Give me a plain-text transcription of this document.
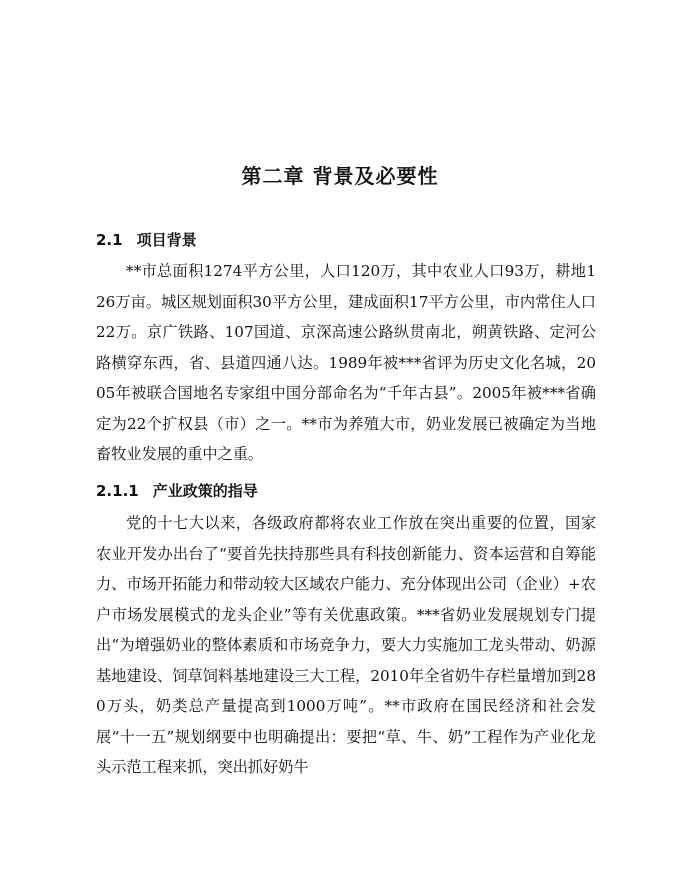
第二章 背景及必要性
2.1 项目背景

**市总面积1274平方公里，人口120万，其中农业人口93万，耕地126万亩。城区规划面积30平方公里，建成面积17平方公里，市内常住人口22万。京广铁路、107国道、京深高速公路纵贯南北，朔黄铁路、定河公路横穿东西，省、县道四通八达。1989年被***省评为历史文化名城，2005年被联合国地名专家组中国分部命名为“千年古县”。2005年被***省确定为22个扩权县（市）之一。**市为养殖大市，奶业发展已被确定为当地畜牧业发展的重中之重。

2.1.1 产业政策的指导

党的十七大以来，各级政府都将农业工作放在突出重要的位置，国家农业开发办出台了“要首先扶持那些具有科技创新能力、资本运营和自筹能力、市场开拓能力和带动较大区域农户能力、充分体现出公司（企业）+农户市场发展模式的龙头企业”等有关优惠政策。***省奶业发展规划专门提出“为增强奶业的整体素质和市场竞争力，要大力实施加工龙头带动、奶源基地建设、饲草饲料基地建设三大工程，2010年全省奶牛存栏量增加到280万头，奶类总产量提高到1000万吨”。**市政府在国民经济和社会发展“十一五”规划纲要中也明确提出：要把“草、牛、奶”工程作为产业化龙头示范工程来抓，突出抓好奶牛
